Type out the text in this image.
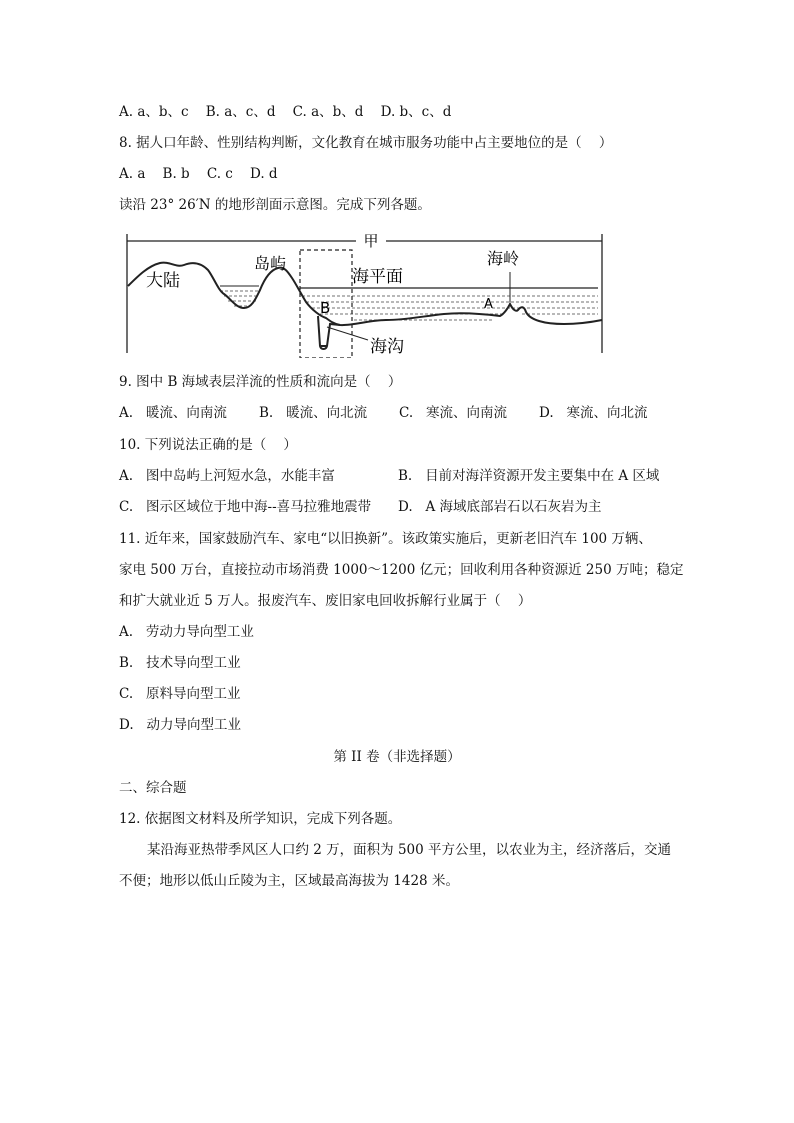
A. a、b、c    B. a、c、d    C. a、b、d    D. b、c、d
8. 据人口年龄、性别结构判断，文化教育在城市服务功能中占主要地位的是（    ）
A. a    B. b    C. c    D. d
读沿 23° 26′N 的地形剖面示意图。完成下列各题。
甲
大陆
岛屿
海平面
海岭
A
B
海沟
9. 图中 B 海域表层洋流的性质和流向是（    ）
A.   暖流、向南流 B.   暖流、向北流 C.   寒流、向南流 D.   寒流、向北流
10. 下列说法正确的是（    ）
A.   图中岛屿上河短水急，水能丰富	B.   目前对海洋资源开发主要集中在 A 区域
C.   图示区域位于地中海--喜马拉雅地震带 D.   A 海域底部岩石以石灰岩为主
11. 近年来，国家鼓励汽车、家电“以旧换新”。该政策实施后，更新老旧汽车 100 万辆、
家电 500 万台，直接拉动市场消费 1000～1200 亿元；回收利用各种资源近 250 万吨；稳定
和扩大就业近 5 万人。报废汽车、废旧家电回收拆解行业属于（    ）
A.   劳动力导向型工业
B.   技术导向型工业
C.   原料导向型工业
D.   动力导向型工业
第 II 卷（非选择题）
二、综合题
12. 依据图文材料及所学知识，完成下列各题。
某沿海亚热带季风区人口约 2 万，面积为 500 平方公里，以农业为主，经济落后，交通
不便；地形以低山丘陵为主，区域最高海拔为 1428 米。
